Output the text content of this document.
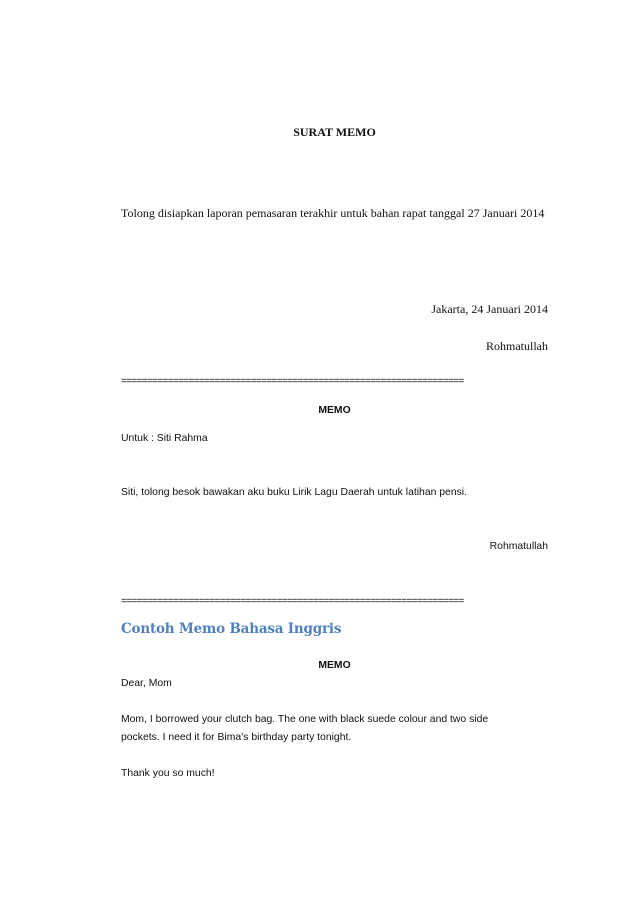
SURAT MEMO
Tolong disiapkan laporan pemasaran terakhir untuk bahan rapat tanggal 27 Januari 2014
Jakarta, 24 Januari 2014
Rohmatullah
==================================================================
MEMO
Untuk : Siti Rahma
Siti, tolong besok bawakan aku buku Lirik Lagu Daerah untuk latihan pensi.
Rohmatullah
==================================================================
Contoh Memo Bahasa Inggris
MEMO
Dear, Mom
Mom, I borrowed your clutch bag. The one with black suede colour and two side
pockets. I need it for Bima’s birthday party tonight.
Thank you so much!
